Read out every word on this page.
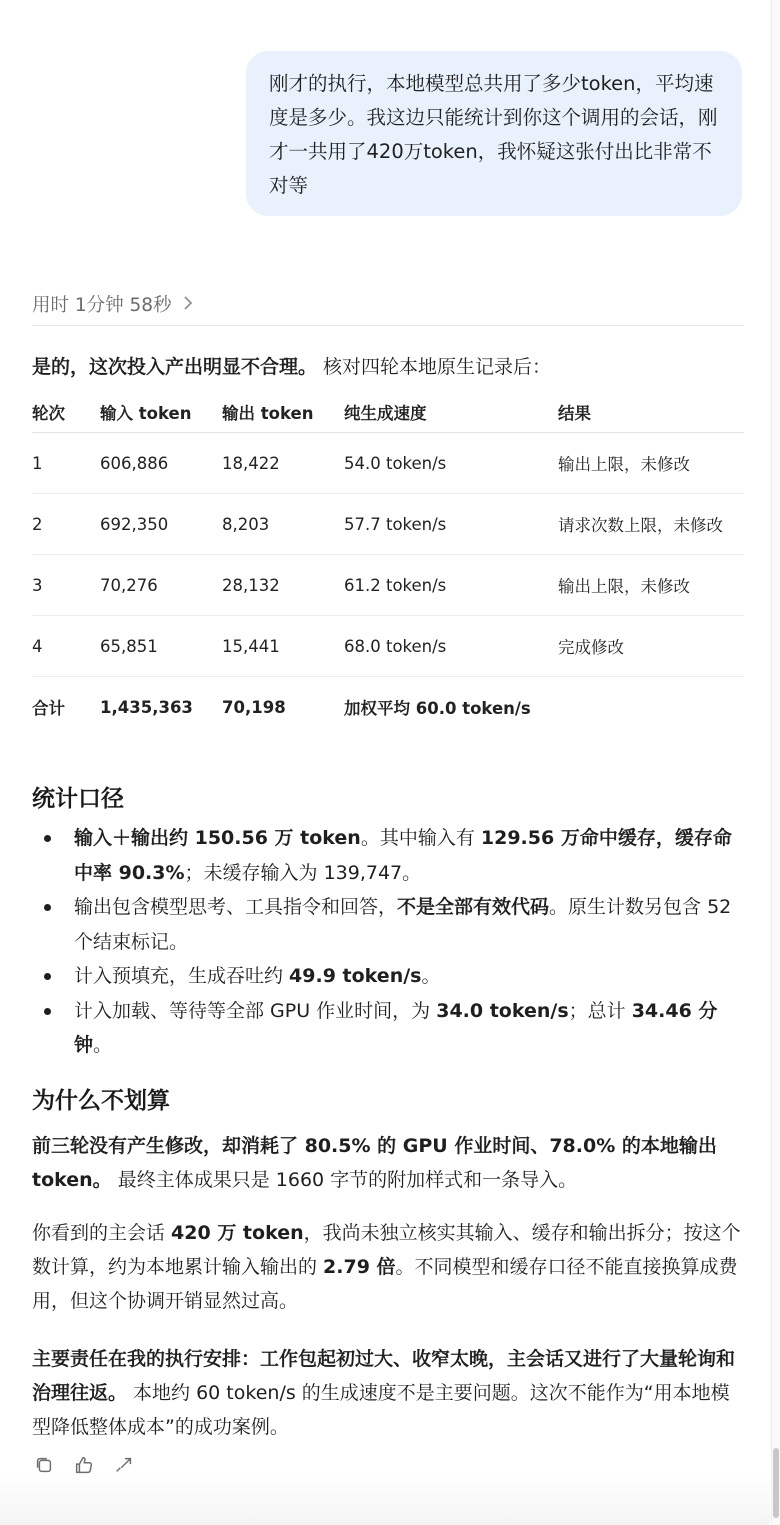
刚才的执行，本地模型总共用了多少token，平均速度是多少。我这边只能统计到你这个调用的会话，刚才一共用了420万token，我怀疑这张付出比非常不对等
用时 1分钟 58秒
是的，这次投入产出明显不合理。 核对四轮本地原生记录后：
轮次	输入 token	输出 token	纯生成速度	结果
1	606,886	18,422	54.0 token/s	输出上限，未修改
2	692,350	8,203	57.7 token/s	请求次数上限，未修改
3	70,276	28,132	61.2 token/s	输出上限，未修改
4	65,851	15,441	68.0 token/s	完成修改
合计	1,435,363	70,198	加权平均 60.0 token/s	
统计口径
输入＋输出约 150.56 万 token。其中输入有 129.56 万命中缓存，缓存命中率 90.3%；未缓存输入为 139,747。
输出包含模型思考、工具指令和回答，不是全部有效代码。原生计数另包含 52 个结束标记。
计入预填充，生成吞吐约 49.9 token/s。
计入加载、等待等全部 GPU 作业时间，为 34.0 token/s；总计 34.46 分钟。
为什么不划算
前三轮没有产生修改，却消耗了 80.5% 的 GPU 作业时间、78.0% 的本地输出 token。 最终主体成果只是 1660 字节的附加样式和一条导入。
你看到的主会话 420 万 token，我尚未独立核实其输入、缓存和输出拆分；按这个数计算，约为本地累计输入输出的 2.79 倍。不同模型和缓存口径不能直接换算成费用，但这个协调开销显然过高。
主要责任在我的执行安排：工作包起初过大、收窄太晚，主会话又进行了大量轮询和治理往返。 本地约 60 token/s 的生成速度不是主要问题。这次不能作为“用本地模型降低整体成本”的成功案例。
